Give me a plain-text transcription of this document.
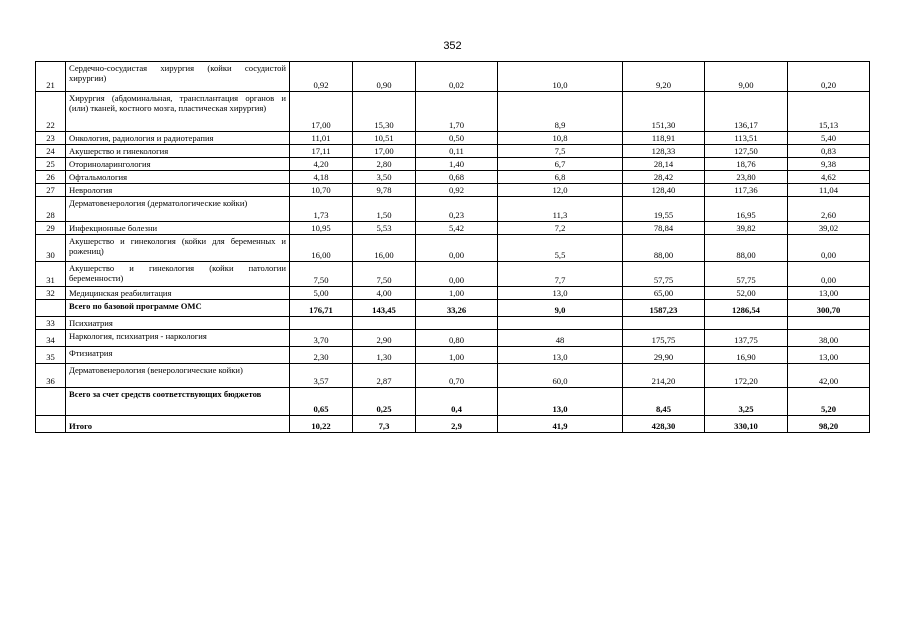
352
21	Сердечно-сосудистая хирургия (койки сосудистой хирургии)	0,92	0,90	0,02	10,0	9,20	9,00	0,20
22	Хирургия (абдоминальная, трансплантация органов и (или) тканей, костного мозга, пластическая хирургия)	17,00	15,30	1,70	8,9	151,30	136,17	15,13
23	Онкология, радиология и радиотерапия	11,01	10,51	0,50	10,8	118,91	113,51	5,40
24	Акушерство и гинекология	17,11	17,00	0,11	7,5	128,33	127,50	0,83
25	Оториноларингология	4,20	2,80	1,40	6,7	28,14	18,76	9,38
26	Офтальмология	4,18	3,50	0,68	6,8	28,42	23,80	4,62
27	Неврология	10,70	9,78	0,92	12,0	128,40	117,36	11,04
28	Дерматовенерология (дерматологические койки)	1,73	1,50	0,23	11,3	19,55	16,95	2,60
29	Инфекционные болезни	10,95	5,53	5,42	7,2	78,84	39,82	39,02
30	Акушерство и гинекология (койки для беременных и рожениц)	16,00	16,00	0,00	5,5	88,00	88,00	0,00
31	Акушерство и гинекология (койки патологии беременности)	7,50	7,50	0,00	7,7	57,75	57,75	0,00
32	Медицинская реабилитация	5,00	4,00	1,00	13,0	65,00	52,00	13,00
	Всего по базовой программе ОМС	176,71	143,45	33,26	9,0	1587,23	1286,54	300,70
33	Психиатрия							
34	Наркология, психиатрия - наркология	3,70	2,90	0,80	48	175,75	137,75	38,00
35	Фтизиатрия	2,30	1,30	1,00	13,0	29,90	16,90	13,00
36	Дерматовенерология (венерологические койки)	3,57	2,87	0,70	60,0	214,20	172,20	42,00
	Всего за счет средств соответствующих бюджетов	0,65	0,25	0,4	13,0	8,45	3,25	5,20
	Итого	10,22	7,3	2,9	41,9	428,30	330,10	98,20
